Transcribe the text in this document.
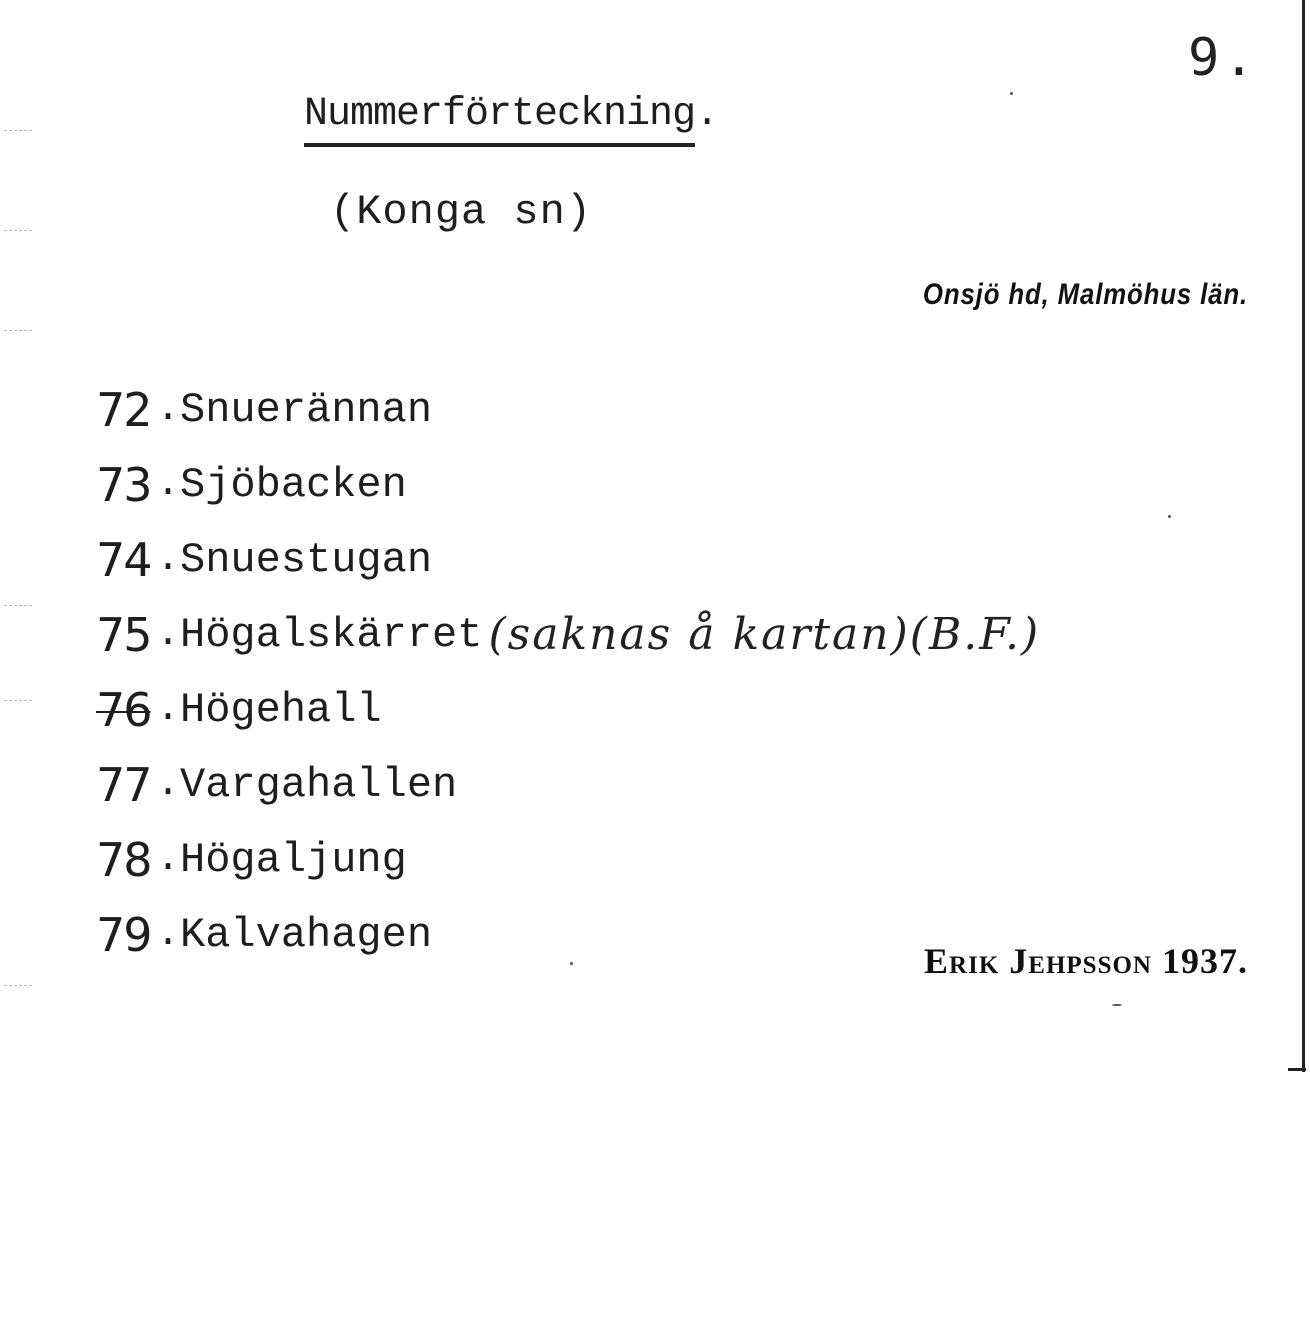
9.
Nummerförteckning.
(Konga sn)
Onsjö hd, Malmöhus län.
72 . Snuerännan
73 . Sjöbacken
74 . Snuestugan
75 . Högalskärret (saknas å kartan)(B.F.)
76 . Högehall
77 . Vargahallen
78 . Högaljung
79 . Kalvahagen
Erik Jehpsson 1937.
